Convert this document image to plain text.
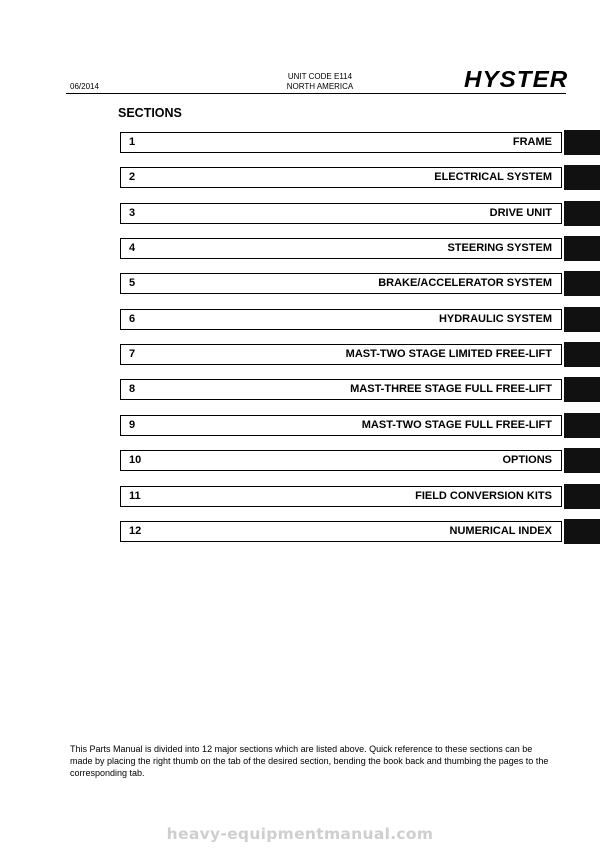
06/2014
UNIT CODE E114
NORTH AMERICA	HYSTER
SECTIONS
1	FRAME
2	ELECTRICAL SYSTEM
3	DRIVE UNIT
4	STEERING SYSTEM
5	BRAKE/ACCELERATOR SYSTEM
6	HYDRAULIC SYSTEM
7	MAST-TWO STAGE LIMITED FREE-LIFT
8	MAST-THREE STAGE FULL FREE-LIFT
9	MAST-TWO STAGE FULL FREE-LIFT
10	OPTIONS
11	FIELD CONVERSION KITS
12	NUMERICAL INDEX
This Parts Manual is divided into 12 major sections which are listed above. Quick reference to these sections can be made by placing the right thumb on the tab of the desired section, bending the book back and thumbing the pages to the corresponding tab.
heavy-equipmentmanual.com
